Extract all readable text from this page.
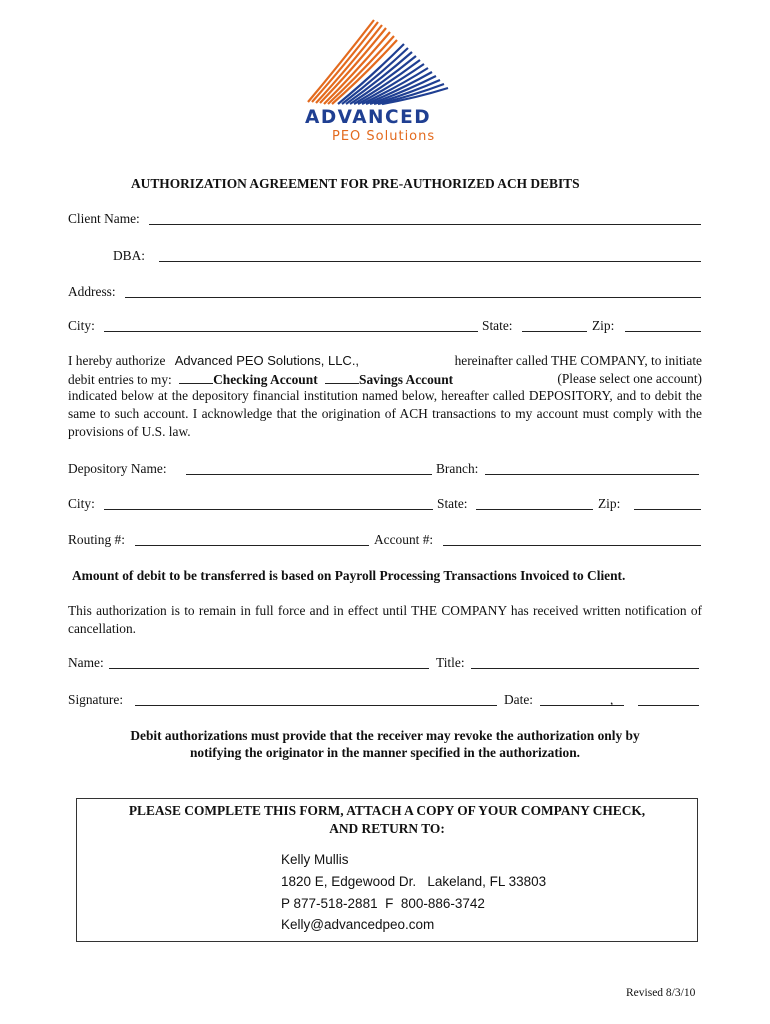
ADVANCED
PEO Solutions
AUTHORIZATION AGREEMENT FOR PRE-AUTHORIZED ACH DEBITS
Client Name:
DBA:
Address:
City:	State:	Zip:
I hereby authorize Advanced PEO Solutions, LLC.,	hereinafter called THE COMPANY, to initiate
debit entries to my:	Checking Account	Savings Account	(Please select one account)
indicated below at the depository financial institution named below, hereafter called DEPOSITORY, and to debit the same to such account. I acknowledge that the origination of ACH transactions to my account must comply with the provisions of U.S. law.
Depository Name:	Branch:
City:	State:	Zip:
Routing #:	Account #:
Amount of debit to be transferred is based on Payroll Processing Transactions Invoiced to Client.
This authorization is to remain in full force and in effect until THE COMPANY has received written notification of cancellation.
Name:	Title:
Signature:	Date:	,
Debit authorizations must provide that the receiver may revoke the authorization only by
notifying the originator in the manner specified in the authorization.
PLEASE COMPLETE THIS FORM, ATTACH A COPY OF YOUR COMPANY CHECK,
AND RETURN TO:
Kelly Mullis
1820 E, Edgewood Dr.   Lakeland, FL 33803
P 877-518-2881  F  800-886-3742
Kelly@advancedpeo.com
Revised 8/3/10
